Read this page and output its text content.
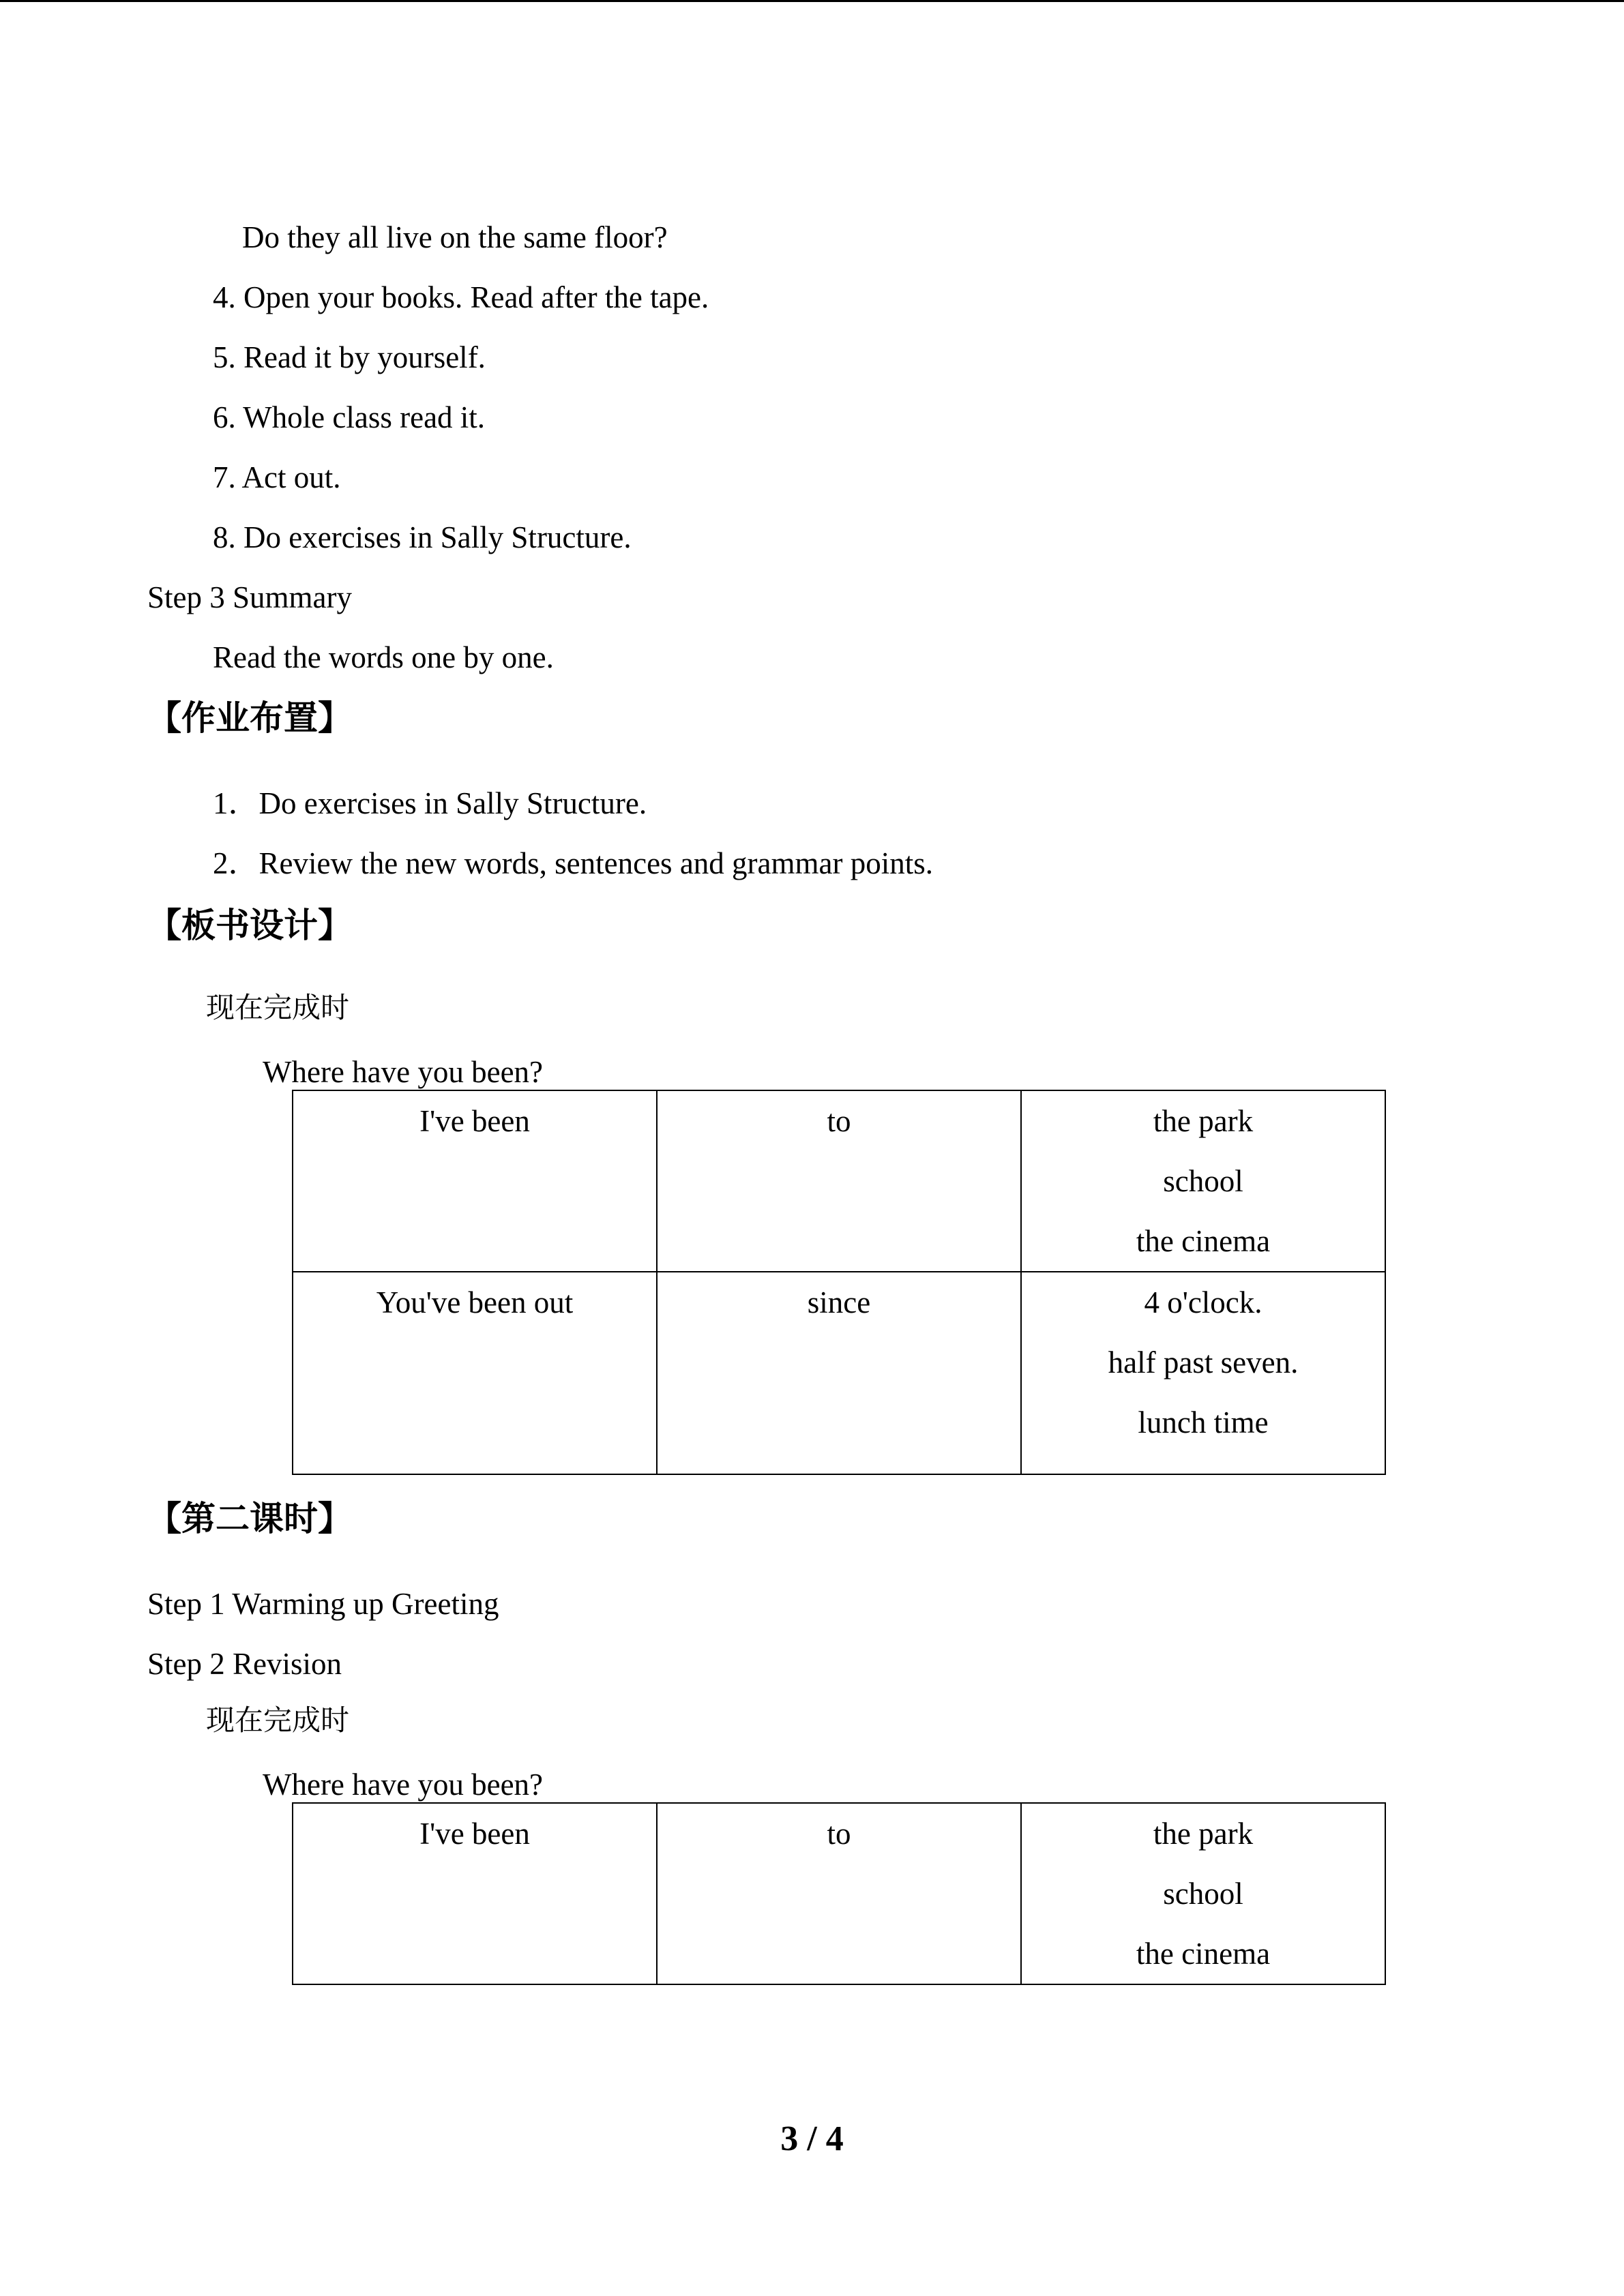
Do they all live on the same floor?
4. Open your books. Read after the tape.
5. Read it by yourself.
6. Whole class read it.
7. Act out.
8. Do exercises in Sally Structure.
Step 3 Summary
Read the words one by one.
【作业布置】
1．Do exercises in Sally Structure.
2．Review the new words, sentences and grammar points.
【板书设计】
现在完成时
Where have you been?
I've been	to	the park
school
the cinema

You've been out	since	4 o'clock.
half past seven.
lunch time
【第二课时】
Step 1 Warming up Greeting
Step 2 Revision
现在完成时
Where have you been?
I've been	to	the park
school
the cinema
3 / 4
